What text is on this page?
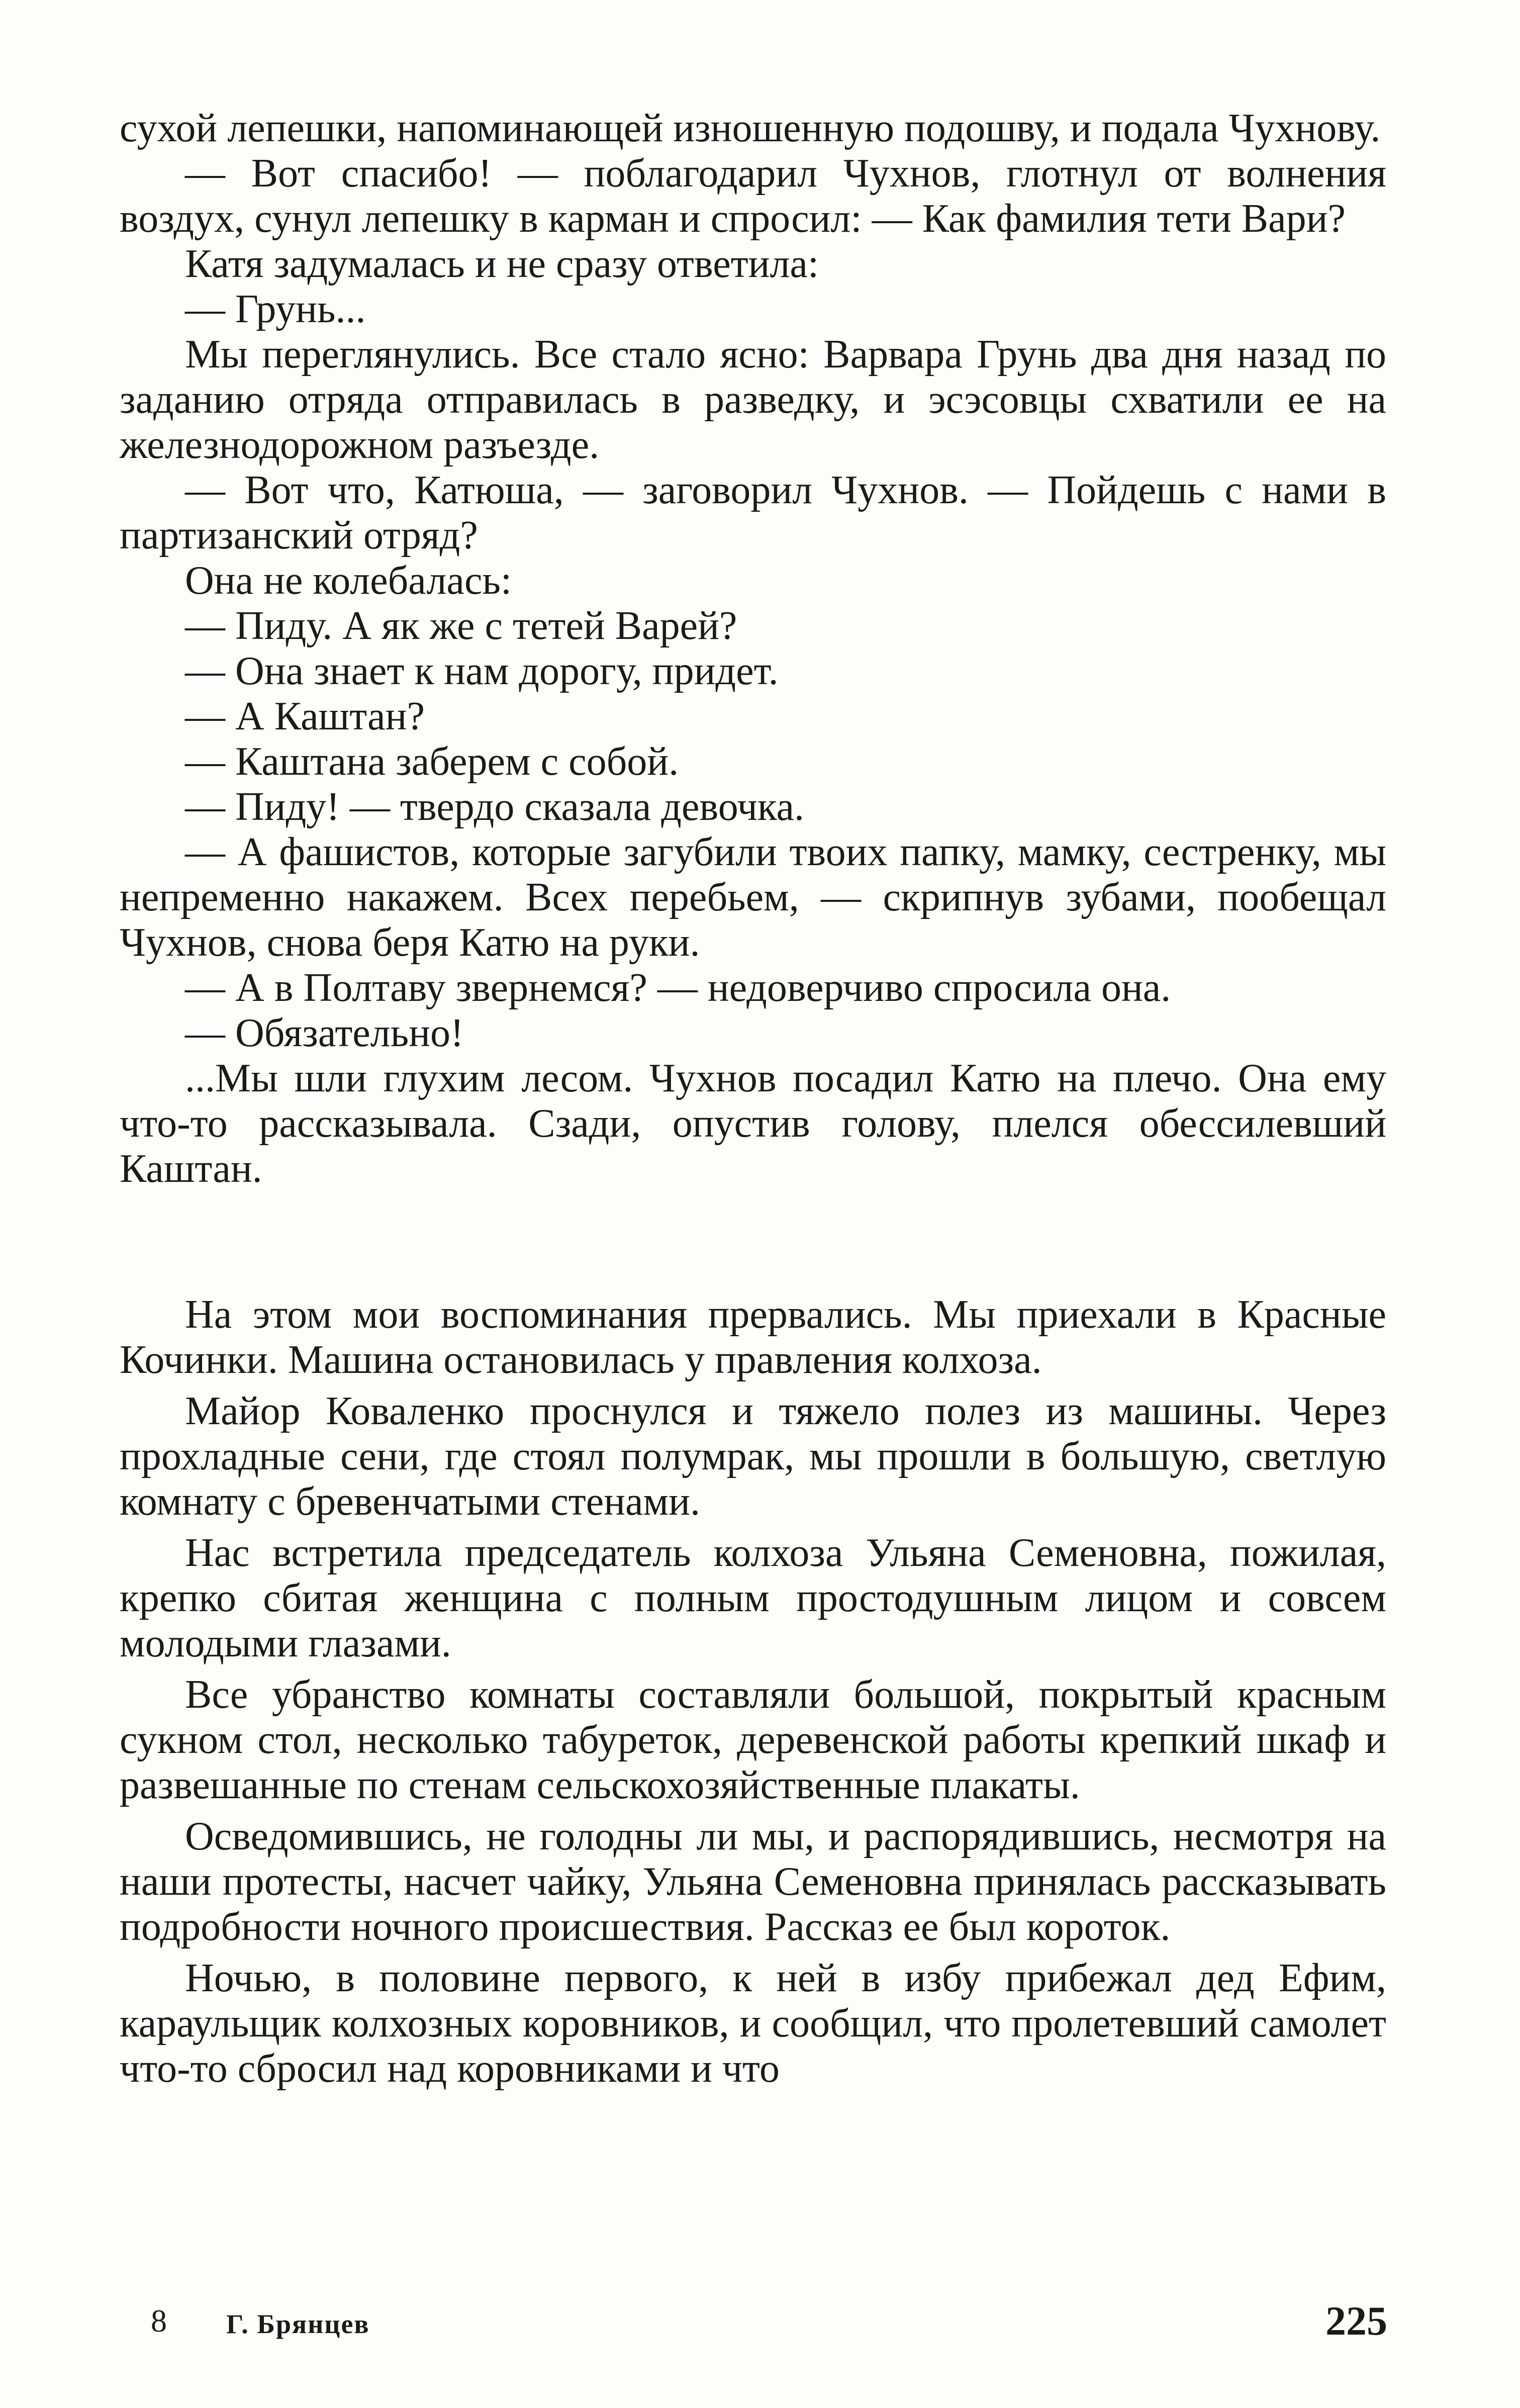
сухой лепешки, напоминающей изношенную подошву, и подала Чухнову.

— Вот спасибо! — поблагодарил Чухнов, глотнул от волнения воздух, сунул лепешку в карман и спросил: — Как фамилия тети Вари?

Катя задумалась и не сразу ответила:

— Грунь...

Мы переглянулись. Все стало ясно: Варвара Грунь два дня назад по заданию отряда отправилась в разведку, и эсэсовцы схватили ее на железнодорожном разъезде.

— Вот что, Катюша, — заговорил Чухнов. — Пойдешь с нами в партизанский отряд?

Она не колебалась:

— Пиду. А як же с тетей Варей?

— Она знает к нам дорогу, придет.

— А Каштан?

— Каштана заберем с собой.

— Пиду! — твердо сказала девочка.

— А фашистов, которые загубили твоих папку, мамку, сестренку, мы непременно накажем. Всех перебьем, — скрипнув зубами, пообещал Чухнов, снова беря Катю на руки.

— А в Полтаву звернемся? — недоверчиво спросила она.

— Обязательно!

...Мы шли глухим лесом. Чухнов посадил Катю на плечо. Она ему что-то рассказывала. Сзади, опустив голову, плелся обессилевший Каштан.

На этом мои воспоминания прервались. Мы приехали в Красные Кочинки. Машина остановилась у правления колхоза.

Майор Коваленко проснулся и тяжело полез из машины. Через прохладные сени, где стоял полумрак, мы прошли в большую, светлую комнату с бревенчатыми стенами.

Нас встретила председатель колхоза Ульяна Семеновна, пожилая, крепко сбитая женщина с полным простодушным лицом и совсем молодыми глазами.

Все убранство комнаты составляли большой, покрытый красным сукном стол, несколько табуреток, деревенской работы крепкий шкаф и развешанные по стенам сельскохозяйственные плакаты.

Осведомившись, не голодны ли мы, и распорядившись, несмотря на наши протесты, насчет чайку, Ульяна Семеновна принялась рассказывать подробности ночного происшествия. Рассказ ее был короток.

Ночью, в половине первого, к ней в избу прибежал дед Ефим, караульщик колхозных коровников, и сообщил, что пролетевший самолет что-то сбросил над коровниками и что

8 Г. Брянцев	225
